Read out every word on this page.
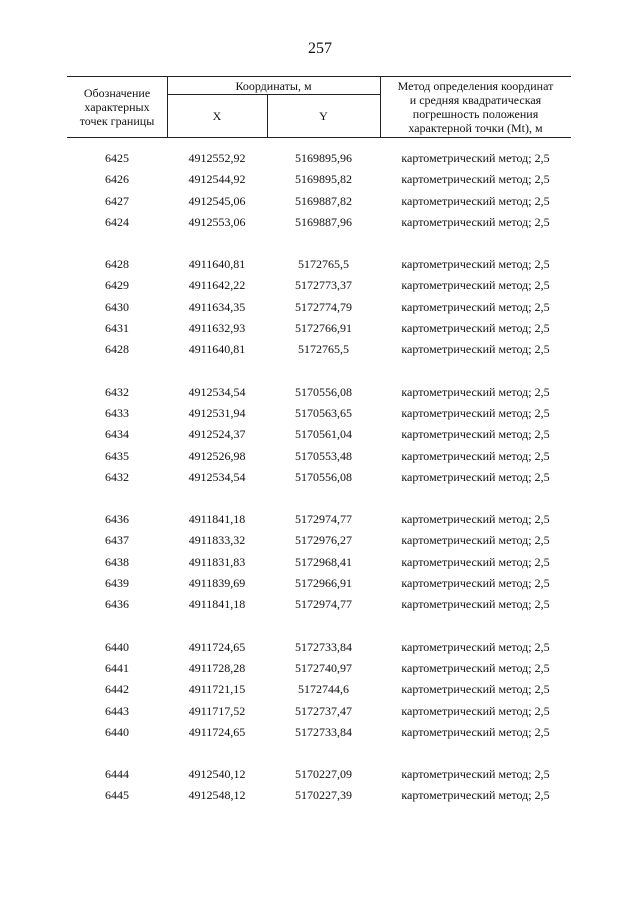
257
Обозначение
характерных
точек границы
Координаты, м
X	Y
Метод определения координат
и средняя квадратическая
погрешность положения
характерной точки (Mt), м
6425	4912552,92	5169895,96	картометрический метод; 2,5
6426	4912544,92	5169895,82	картометрический метод; 2,5
6427	4912545,06	5169887,82	картометрический метод; 2,5
6424	4912553,06	5169887,96	картометрический метод; 2,5
6428	4911640,81	5172765,5	картометрический метод; 2,5
6429	4911642,22	5172773,37	картометрический метод; 2,5
6430	4911634,35	5172774,79	картометрический метод; 2,5
6431	4911632,93	5172766,91	картометрический метод; 2,5
6428	4911640,81	5172765,5	картометрический метод; 2,5
6432	4912534,54	5170556,08	картометрический метод; 2,5
6433	4912531,94	5170563,65	картометрический метод; 2,5
6434	4912524,37	5170561,04	картометрический метод; 2,5
6435	4912526,98	5170553,48	картометрический метод; 2,5
6432	4912534,54	5170556,08	картометрический метод; 2,5
6436	4911841,18	5172974,77	картометрический метод; 2,5
6437	4911833,32	5172976,27	картометрический метод; 2,5
6438	4911831,83	5172968,41	картометрический метод; 2,5
6439	4911839,69	5172966,91	картометрический метод; 2,5
6436	4911841,18	5172974,77	картометрический метод; 2,5
6440	4911724,65	5172733,84	картометрический метод; 2,5
6441	4911728,28	5172740,97	картометрический метод; 2,5
6442	4911721,15	5172744,6	картометрический метод; 2,5
6443	4911717,52	5172737,47	картометрический метод; 2,5
6440	4911724,65	5172733,84	картометрический метод; 2,5
6444	4912540,12	5170227,09	картометрический метод; 2,5
6445	4912548,12	5170227,39	картометрический метод; 2,5
